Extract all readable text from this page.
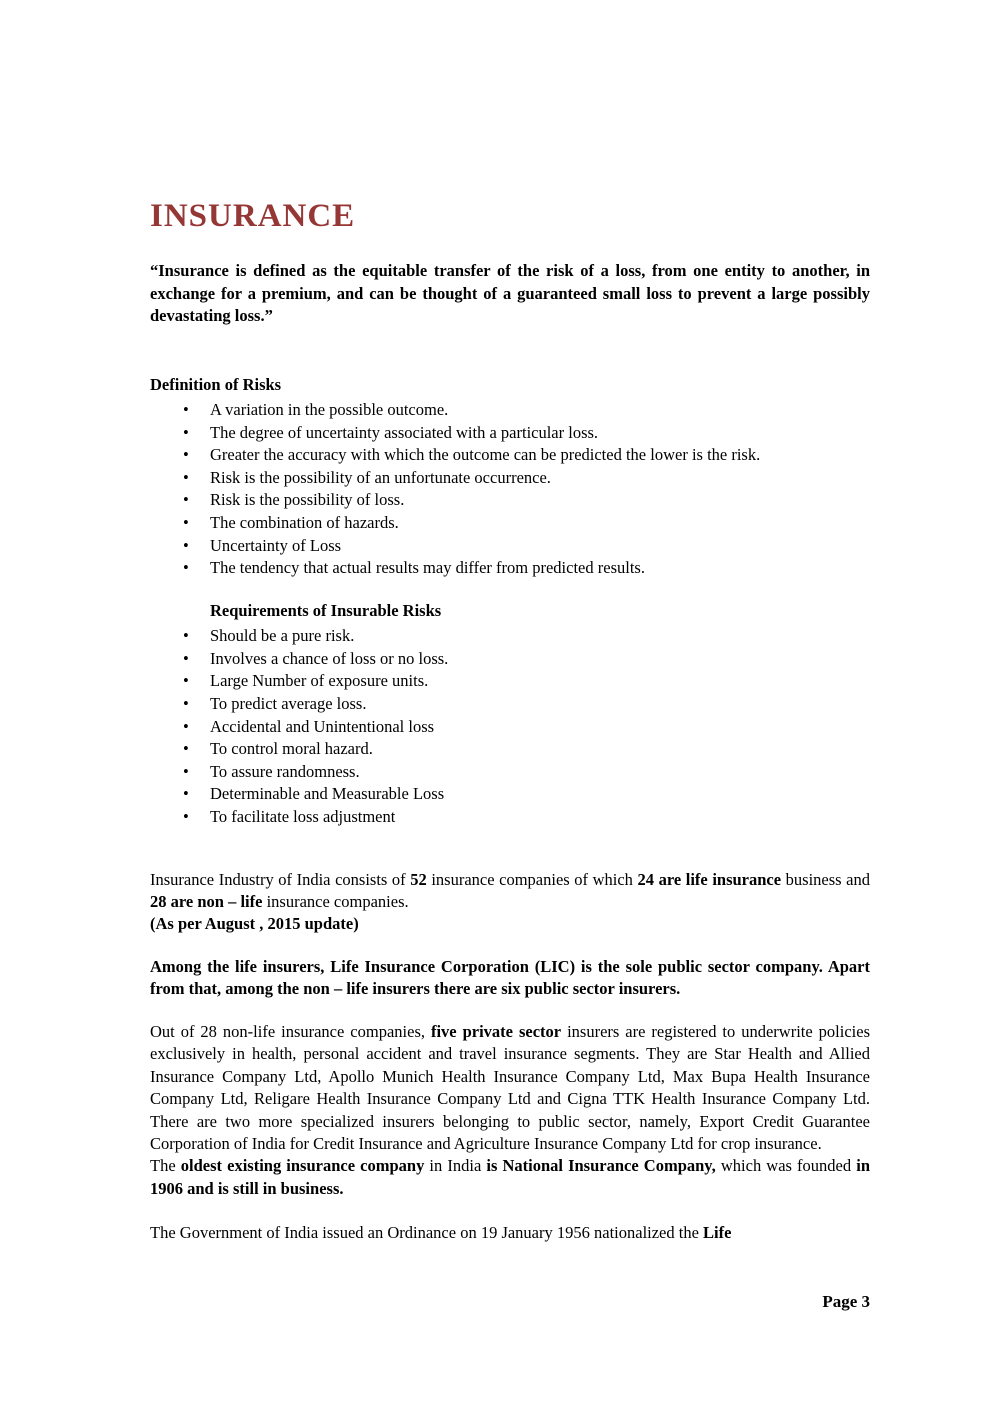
INSURANCE

“Insurance is defined as the equitable transfer of the risk of a loss, from one entity to another, in exchange for a premium, and can be thought of a guaranteed small loss to prevent a large possibly devastating loss.”

Definition of Risks
• A variation in the possible outcome.
• The degree of uncertainty associated with a particular loss.
• Greater the accuracy with which the outcome can be predicted the lower is the risk.
• Risk is the possibility of an unfortunate occurrence.
• Risk is the possibility of loss.
• The combination of hazards.
• Uncertainty of Loss
• The tendency that actual results may differ from predicted results.
Requirements of Insurable Risks
• Should be a pure risk.
• Involves a chance of loss or no loss.
• Large Number of exposure units.
• To predict average loss.
• Accidental and Unintentional loss
• To control moral hazard.
• To assure randomness.
• Determinable and Measurable Loss
• To facilitate loss adjustment

Insurance Industry of India consists of 52 insurance companies of which 24 are life insurance business and 28 are non – life insurance companies.

(As per August , 2015 update)

Among the life insurers, Life Insurance Corporation (LIC) is the sole public sector company. Apart from that, among the non – life insurers there are six public sector insurers.

Out of 28 non-life insurance companies, five private sector insurers are registered to underwrite policies exclusively in health, personal accident and travel insurance segments. They are Star Health and Allied Insurance Company Ltd, Apollo Munich Health Insurance Company Ltd, Max Bupa Health Insurance Company Ltd, Religare Health Insurance Company Ltd and Cigna TTK Health Insurance Company Ltd. There are two more specialized insurers belonging to public sector, namely, Export Credit Guarantee Corporation of India for Credit Insurance and Agriculture Insurance Company Ltd for crop insurance.

The oldest existing insurance company in India is National Insurance Company, which was founded in 1906 and is still in business.

The Government of India issued an Ordinance on 19 January 1956 nationalized the Life

Page 3
